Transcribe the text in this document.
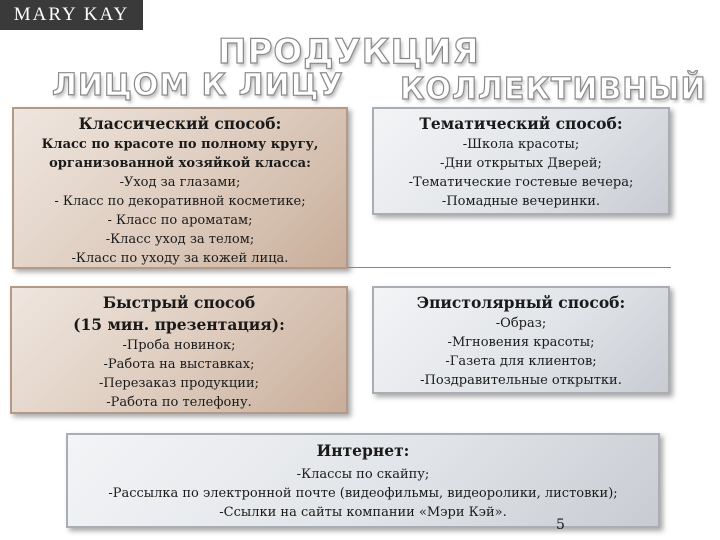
MARY KAY
ПРОДУКЦИЯ
ЛИЦОМ К ЛИЦУ КОЛЛЕКТИВНЫЙ
Классический способ:
Класс по красоте по полному кругу,
организованной хозяйкой класса:
-Уход за глазами;
- Класс по декоративной косметике;
- Класс по ароматам;
-Класс уход за телом;
-Класс по уходу за кожей лица.
Тематический способ:
-Школа красоты;
-Дни открытых Дверей;
-Тематические гостевые вечера;
-Помадные вечеринки.
Быстрый способ
(15 мин. презентация):
-Проба новинок;
-Работа на выставках;
-Перезаказ продукции;
-Работа по телефону.
Эпистолярный способ:
-Образ;
-Мгновения красоты;
-Газета для клиентов;
-Поздравительные открытки.
Интернет:
-Классы по скайпу;
-Рассылка по электронной почте (видеофильмы, видеоролики, листовки);
-Ссылки на сайты компании «Мэри Кэй».
5
